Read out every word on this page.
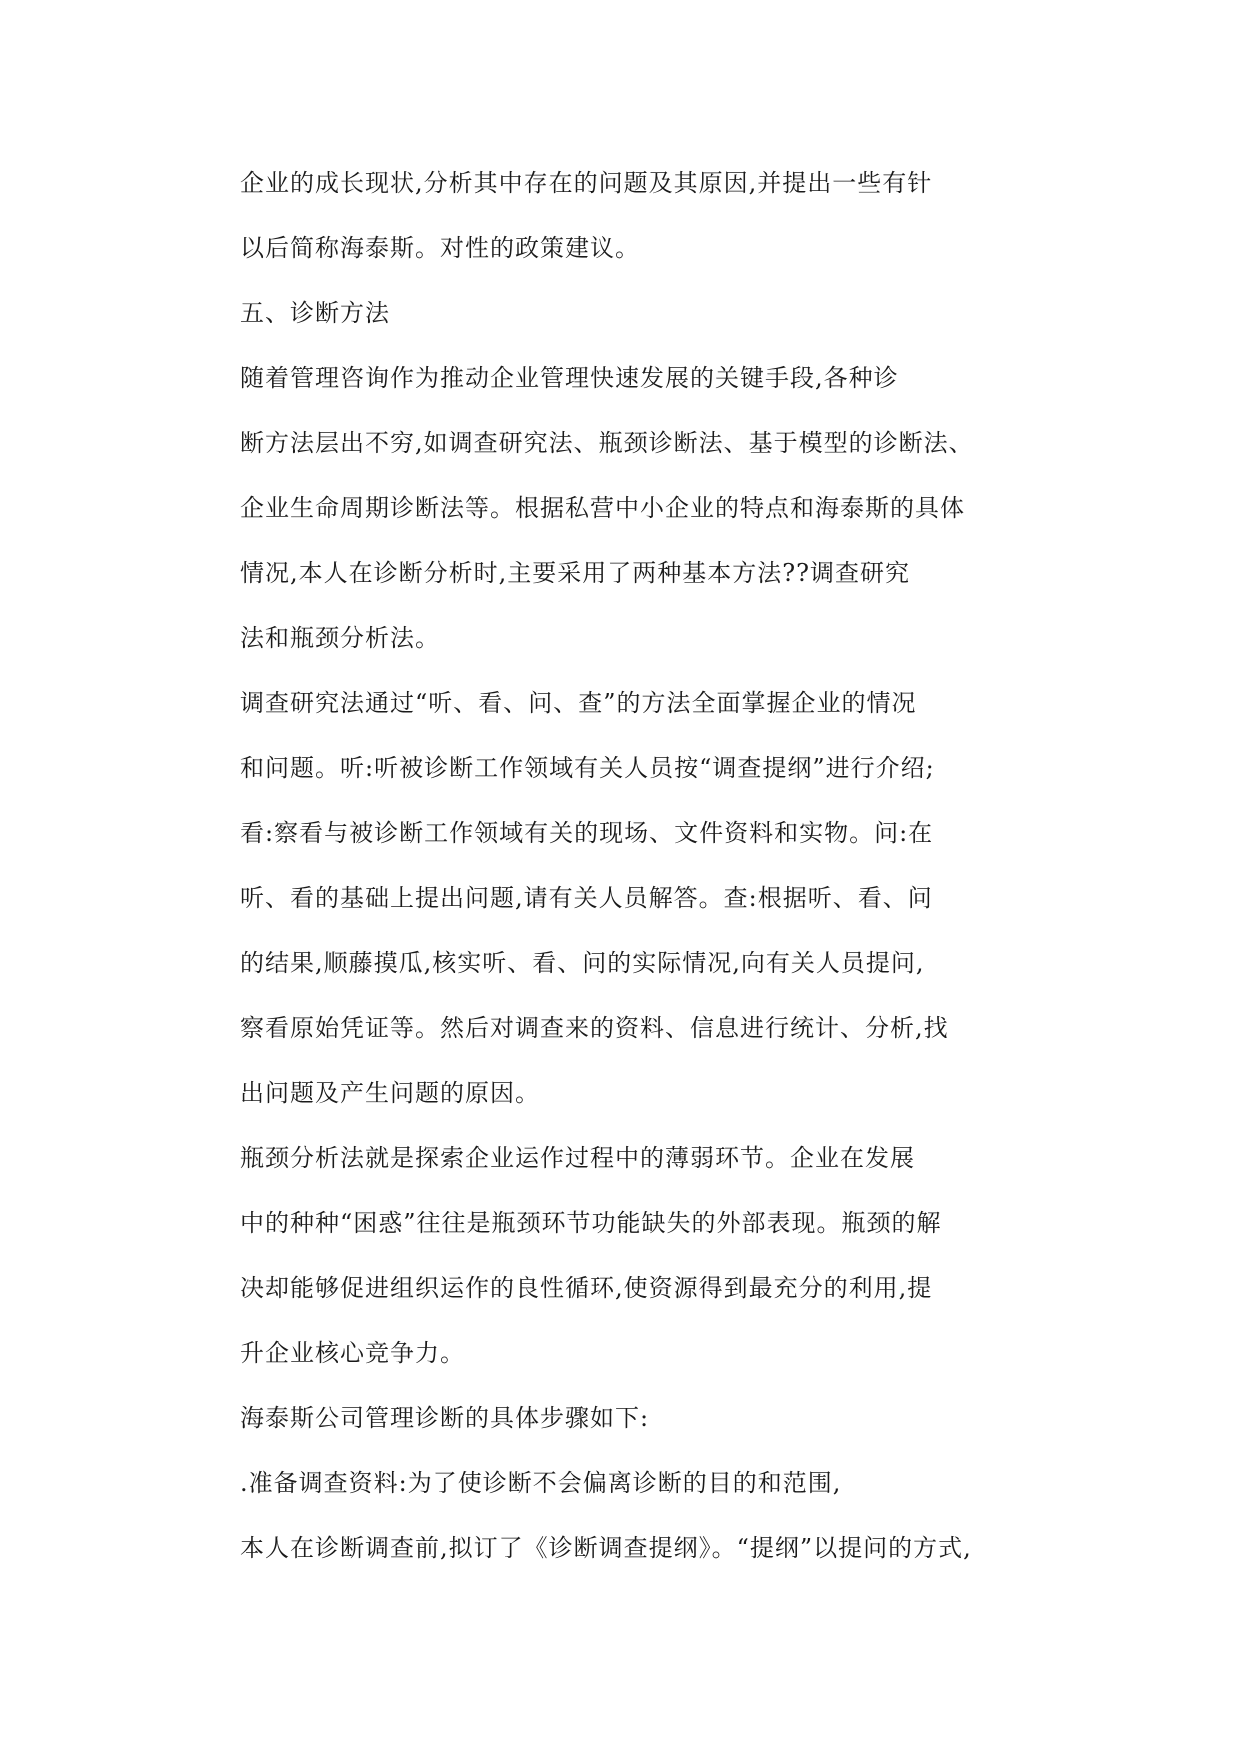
企业的成长现状,分析其中存在的问题及其原因,并提出一些有针
以后简称海泰斯。对性的政策建议。
五、诊断方法
随着管理咨询作为推动企业管理快速发展的关键手段,各种诊
断方法层出不穷,如调查研究法、瓶颈诊断法、基于模型的诊断法、
企业生命周期诊断法等。根据私营中小企业的特点和海泰斯的具体
情况,本人在诊断分析时,主要采用了两种基本方法??调查研究
法和瓶颈分析法。
调查研究法通过“听、看、问、查”的方法全面掌握企业的情况
和问题。听:听被诊断工作领域有关人员按“调查提纲”进行介绍;
看:察看与被诊断工作领域有关的现场、文件资料和实物。问:在
听、看的基础上提出问题,请有关人员解答。查:根据听、看、问
的结果,顺藤摸瓜,核实听、看、问的实际情况,向有关人员提问,
察看原始凭证等。然后对调查来的资料、信息进行统计、分析,找
出问题及产生问题的原因。
瓶颈分析法就是探索企业运作过程中的薄弱环节。企业在发展
中的种种“困惑”往往是瓶颈环节功能缺失的外部表现。瓶颈的解
决却能够促进组织运作的良性循环,使资源得到最充分的利用,提
升企业核心竞争力。
海泰斯公司管理诊断的具体步骤如下:
.准备调查资料:为了使诊断不会偏离诊断的目的和范围,
本人在诊断调查前,拟订了《诊断调查提纲》。“提纲”以提问的方式,
